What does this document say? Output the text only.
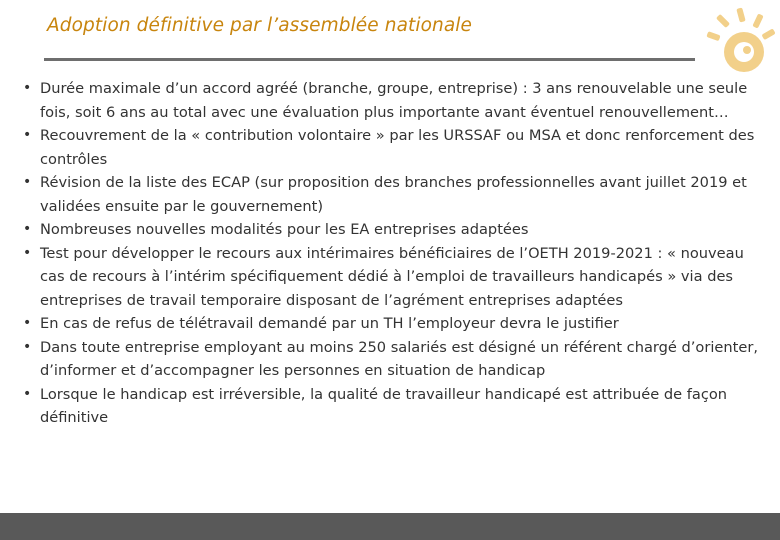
Adoption définitive par l’assemblée nationale
• Durée maximale d’un accord agréé (branche, groupe, entreprise) : 3 ans renouvelable une seule fois, soit 6 ans au total avec une évaluation plus importante avant éventuel renouvellement…
• Recouvrement de la « contribution volontaire » par les URSSAF ou MSA et donc renforcement des contrôles
• Révision de la liste des ECAP (sur proposition des branches professionnelles avant juillet 2019 et validées ensuite par le gouvernement)
• Nombreuses nouvelles modalités pour les EA entreprises adaptées
• Test pour développer le recours aux intérimaires bénéficiaires de l’OETH 2019-2021 : « nouveau cas de recours à l’intérim spécifiquement dédié à l’emploi de travailleurs handicapés » via des entreprises de travail temporaire disposant de l’agrément entreprises adaptées
• En cas de refus de télétravail demandé par un TH l’employeur devra le justifier
• Dans toute entreprise employant au moins 250 salariés est désigné un référent chargé d’orienter, d’informer et d’accompagner les personnes en situation de handicap
• Lorsque le handicap est irréversible, la qualité de travailleur handicapé est attribuée de façon définitive
